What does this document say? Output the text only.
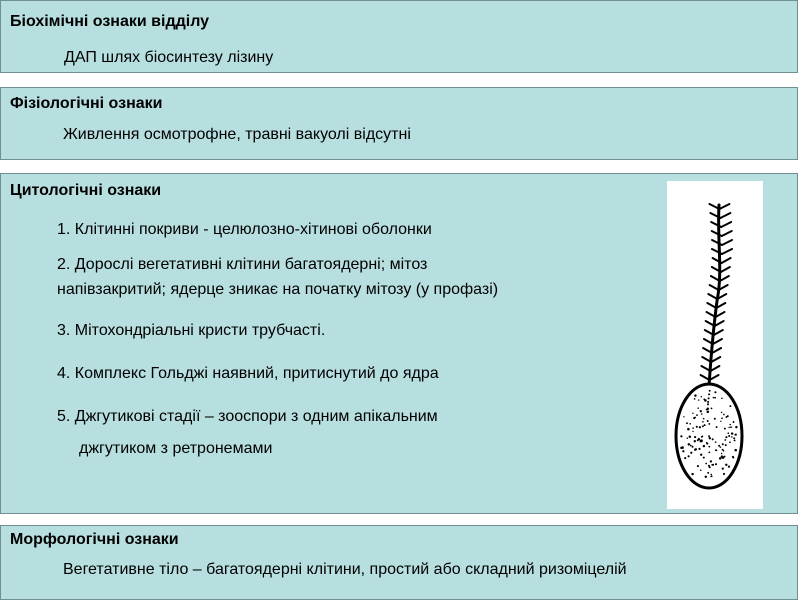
Біохімічні ознаки відділу
ДАП шлях біосинтезу лізину
Фізіологічні ознаки
Живлення осмотрофне, травні вакуолі відсутні
Цитологічні ознаки
1. Клітинні покриви - целюлозно-хітинові оболонки
2. Дорослі вегетативні клітини багатоядерні; мітоз
напівзакритий; ядерце зникає на початку мітозу (у профазі)
3. Мітохондріальні кристи трубчасті.
4. Комплекс Гольджі наявний, притиснутий до ядра
5. Джгутикові стадії – зооспори з одним апікальним
джгутиком з ретронемами
Морфологічні ознаки
Вегетативне тіло – багатоядерні клітини, простий або складний ризоміцелій
